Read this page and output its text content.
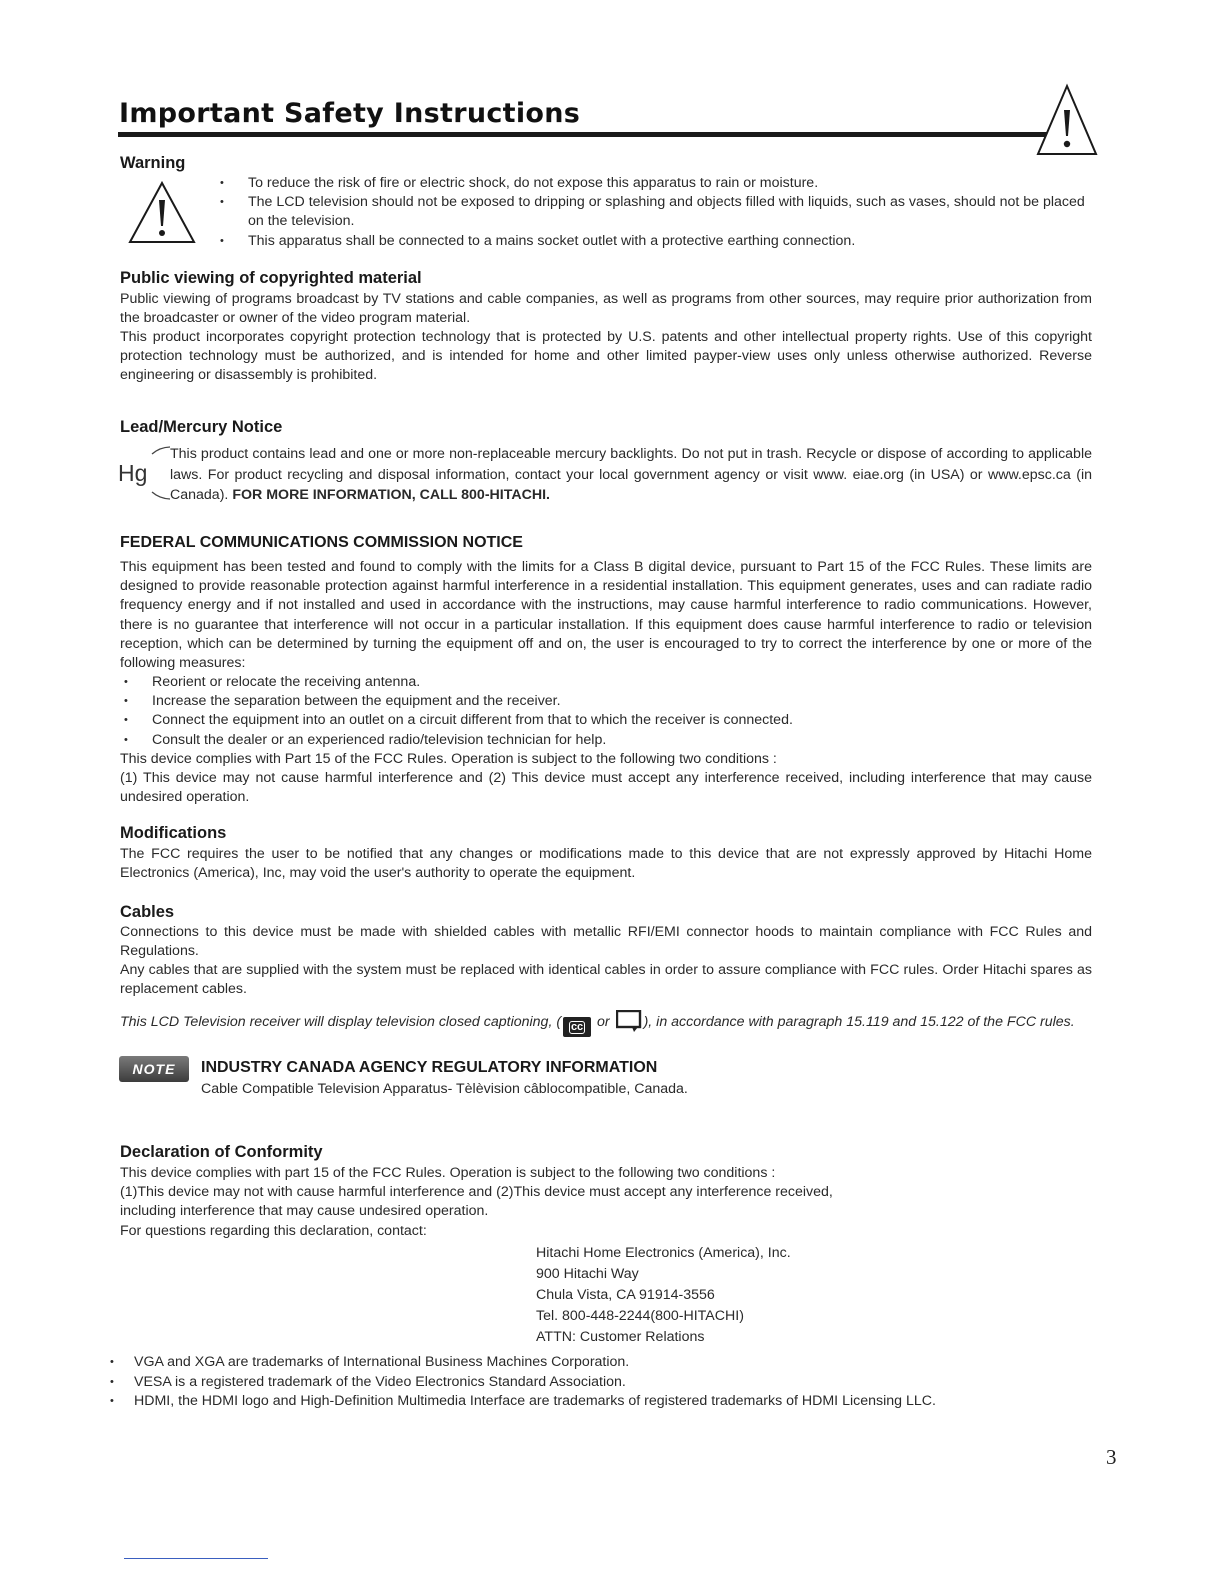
Important Safety Instructions
Warning
• To reduce the risk of fire or electric shock, do not expose this apparatus to rain or moisture.
• The LCD television should not be exposed to dripping or splashing and objects filled with liquids, such as vases, should not be placed on the television.
• This apparatus shall be connected to a mains socket outlet with a protective earthing connection.
Public viewing of copyrighted material

Public viewing of programs broadcast by TV stations and cable companies, as well as programs from other sources, may require prior authorization from the broadcaster or owner of the video program material.

This product incorporates copyright protection technology that is protected by U.S. patents and other intellectual property rights. Use of this copyright protection technology must be authorized, and is intended for home and other limited payper-view uses only unless otherwise authorized. Reverse engineering or disassembly is prohibited.

Lead/Mercury Notice
Hg

This product contains lead and one or more non-replaceable mercury backlights. Do not put in trash. Recycle or dispose of according to applicable laws. For product recycling and disposal information, contact your local government agency or visit www. eiae.org (in USA) or www.epsc.ca (in Canada). FOR MORE INFORMATION, CALL 800-HITACHI.

FEDERAL COMMUNICATIONS COMMISSION NOTICE

This equipment has been tested and found to comply with the limits for a Class B digital device, pursuant to Part 15 of the FCC Rules. These limits are designed to provide reasonable protection against harmful interference in a residential installation. This equipment generates, uses and can radiate radio frequency energy and if not installed and used in accordance with the instructions, may cause harmful interference to radio communications. However, there is no guarantee that interference will not occur in a particular installation. If this equipment does cause harmful interference to radio or television reception, which can be determined by turning the equipment off and on, the user is encouraged to try to correct the interference by one or more of the following measures:

• Reorient or relocate the receiving antenna.
• Increase the separation between the equipment and the receiver.
• Connect the equipment into an outlet on a circuit different from that to which the receiver is connected.
• Consult the dealer or an experienced radio/television technician for help.

This device complies with Part 15 of the FCC Rules. Operation is subject to the following two conditions :

(1) This device may not cause harmful interference and (2) This device must accept any interference received, including interference that may cause undesired operation.

Modifications

The FCC requires the user to be notified that any changes or modifications made to this device that are not expressly approved by Hitachi Home Electronics (America), Inc, may void the user's authority to operate the equipment.

Cables

Connections to this device must be made with shielded cables with metallic RFI/EMI connector hoods to maintain compliance with FCC Rules and Regulations.

Any cables that are supplied with the system must be replaced with identical cables in order to assure compliance with FCC rules. Order Hitachi spares as replacement cables.

This LCD Television receiver will display television closed captioning, ( cc or
), in accordance with paragraph 15.119 and 15.122 of the FCC rules.

NOTE	INDUSTRY CANADA AGENCY REGULATORY INFORMATION

Cable Compatible Television Apparatus- Tèlèvision câblocompatible, Canada.

Declaration of Conformity

This device complies with part 15 of the FCC Rules. Operation is subject to the following two conditions :
(1)This device may not with cause harmful interference and (2)This device must accept any interference received,
including interference that may cause undesired operation.
For questions regarding this declaration, contact:

Hitachi Home Electronics (America), Inc.
900 Hitachi Way
Chula Vista, CA 91914-3556
Tel. 800-448-2244(800-HITACHI)
ATTN: Customer Relations

• VGA and XGA are trademarks of International Business Machines Corporation.
• VESA is a registered trademark of the Video Electronics Standard Association.
• HDMI, the HDMI logo and High-Definition Multimedia Interface are trademarks of registered trademarks of HDMI Licensing LLC.

3
